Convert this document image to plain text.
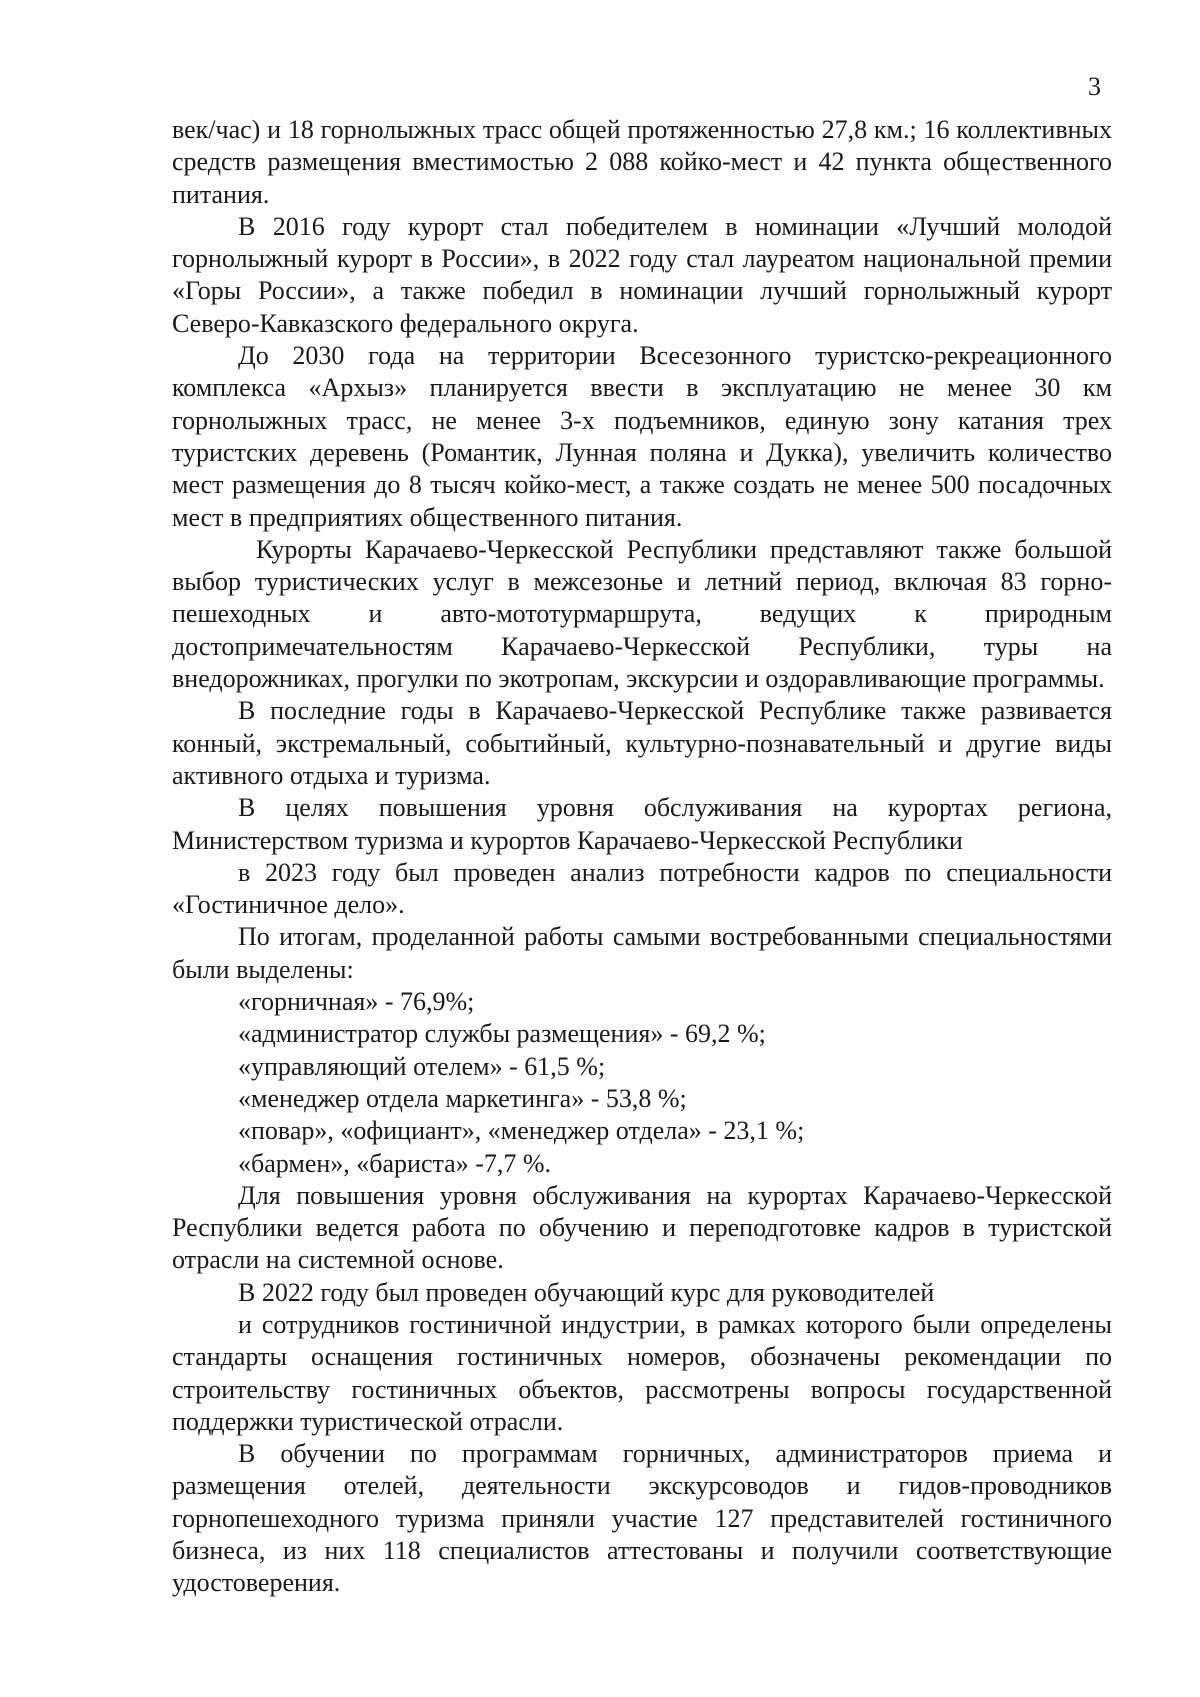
3

век/час) и 18 горнолыжных трасс общей протяженностью 27,8 км.; 16 коллективных средств размещения вместимостью 2 088 койко-мест и 42 пункта общественного питания.

В 2016 году курорт стал победителем в номинации «Лучший молодой горнолыжный курорт в России», в 2022 году стал лауреатом национальной премии «Горы России», а также победил в номинации лучший горнолыжный курорт Северо-Кавказского федерального округа.

До 2030 года на территории Всесезонного туристско-рекреационного комплекса «Архыз» планируется ввести в эксплуатацию не менее 30 км горнолыжных трасс, не менее 3-х подъемников, единую зону катания трех туристских деревень (Романтик, Лунная поляна и Дукка), увеличить количество мест размещения до 8 тысяч койко-мест, а также создать не менее 500 посадочных мест в предприятиях общественного питания.

Курорты Карачаево-Черкесской Республики представляют также большой выбор туристических услуг в межсезонье и летний период, включая 83 горно-пешеходных и авто-мототурмаршрута, ведущих к природным достопримечательностям Карачаево-Черкесской Республики, туры на внедорожниках, прогулки по экотропам, экскурсии и оздоравливающие программы.

В последние годы в Карачаево-Черкесской Республике также развивается конный, экстремальный, событийный, культурно-познавательный и другие виды активного отдыха и туризма.

В целях повышения уровня обслуживания на курортах региона, Министерством туризма и курортов Карачаево-Черкесской Республики

в 2023 году был проведен анализ потребности кадров по специальности «Гостиничное дело».

По итогам, проделанной работы самыми востребованными специальностями были выделены:

«горничная» - 76,9%;

«администратор службы размещения» - 69,2 %;

«управляющий отелем» - 61,5 %;

«менеджер отдела маркетинга» - 53,8 %;

«повар», «официант», «менеджер отдела» - 23,1 %;

«бармен», «бариста» -7,7 %.

Для повышения уровня обслуживания на курортах Карачаево-Черкесской Республики ведется работа по обучению и переподготовке кадров в туристской отрасли на системной основе.

В 2022 году был проведен обучающий курс для руководителей

и сотрудников гостиничной индустрии, в рамках которого были определены стандарты оснащения гостиничных номеров, обозначены рекомендации по строительству гостиничных объектов, рассмотрены вопросы государственной поддержки туристической отрасли.

В обучении по программам горничных, администраторов приема и размещения отелей, деятельности экскурсоводов и гидов-проводников горнопешеходного туризма приняли участие 127 представителей гостиничного бизнеса, из них 118 специалистов аттестованы и получили соответствующие удостоверения.
